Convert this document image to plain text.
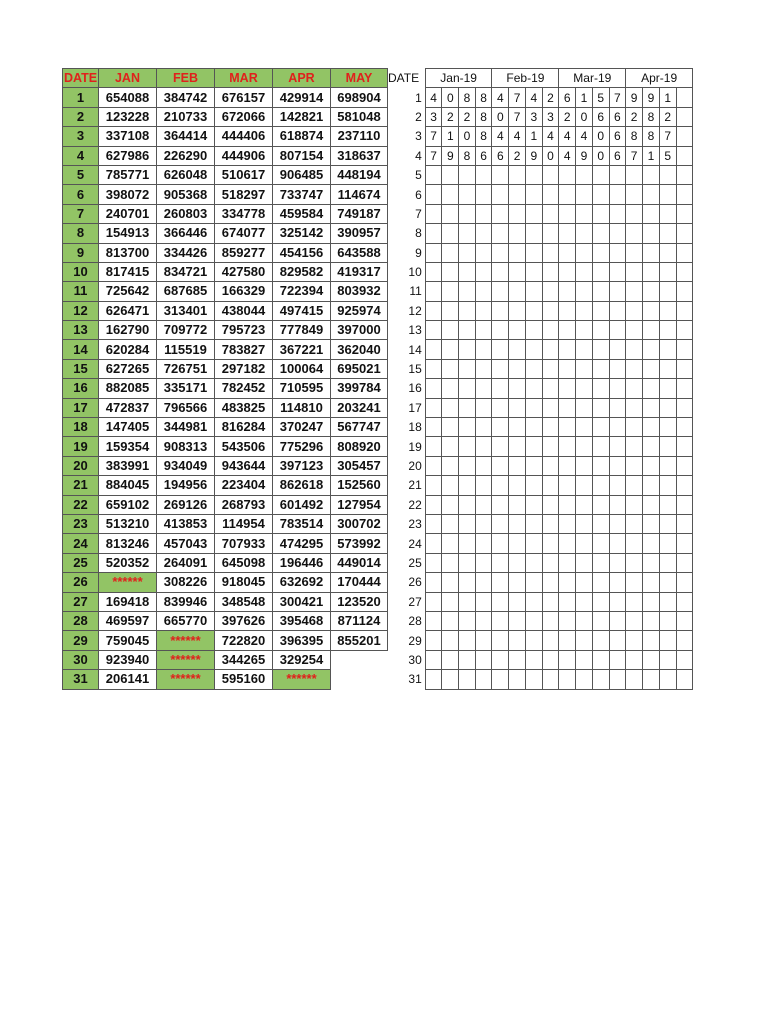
DATE	JAN	FEB	MAR	APR	MAY
1	654088	384742	676157	429914	698904
2	123228	210733	672066	142821	581048
3	337108	364414	444406	618874	237110
4	627986	226290	444906	807154	318637
5	785771	626048	510617	906485	448194
6	398072	905368	518297	733747	114674
7	240701	260803	334778	459584	749187
8	154913	366446	674077	325142	390957
9	813700	334426	859277	454156	643588
10	817415	834721	427580	829582	419317
11	725642	687685	166329	722394	803932
12	626471	313401	438044	497415	925974
13	162790	709772	795723	777849	397000
14	620284	115519	783827	367221	362040
15	627265	726751	297182	100064	695021
16	882085	335171	782452	710595	399784
17	472837	796566	483825	114810	203241
18	147405	344981	816284	370247	567747
19	159354	908313	543506	775296	808920
20	383991	934049	943644	397123	305457
21	884045	194956	223404	862618	152560
22	659102	269126	268793	601492	127954
23	513210	413853	114954	783514	300702
24	813246	457043	707933	474295	573992
25	520352	264091	645098	196446	449014
26	******	308226	918045	632692	170444
27	169418	839946	348548	300421	123520
28	469597	665770	397626	395468	871124
29	759045	******	722820	396395	855201
30	923940	******	344265	329254	
31	206141	******	595160	******	
DATE	Jan-19				Feb-19				Mar-19				Apr-19			
1	4	0	8	8	4	7	4	2	6	1	5	7	9	9	1	
2	3	2	2	8	0	7	3	3	2	0	6	6	2	8	2	
3	7	1	0	8	4	4	1	4	4	4	0	6	8	8	7	
4	7	9	8	6	6	2	9	0	4	9	0	6	7	1	5	
5																
6																
7																
8																
9																
10																
11																
12																
13																
14																
15																
16																
17																
18																
19																
20																
21																
22																
23																
24																
25																
26																
27																
28																
29																
30																
31																
